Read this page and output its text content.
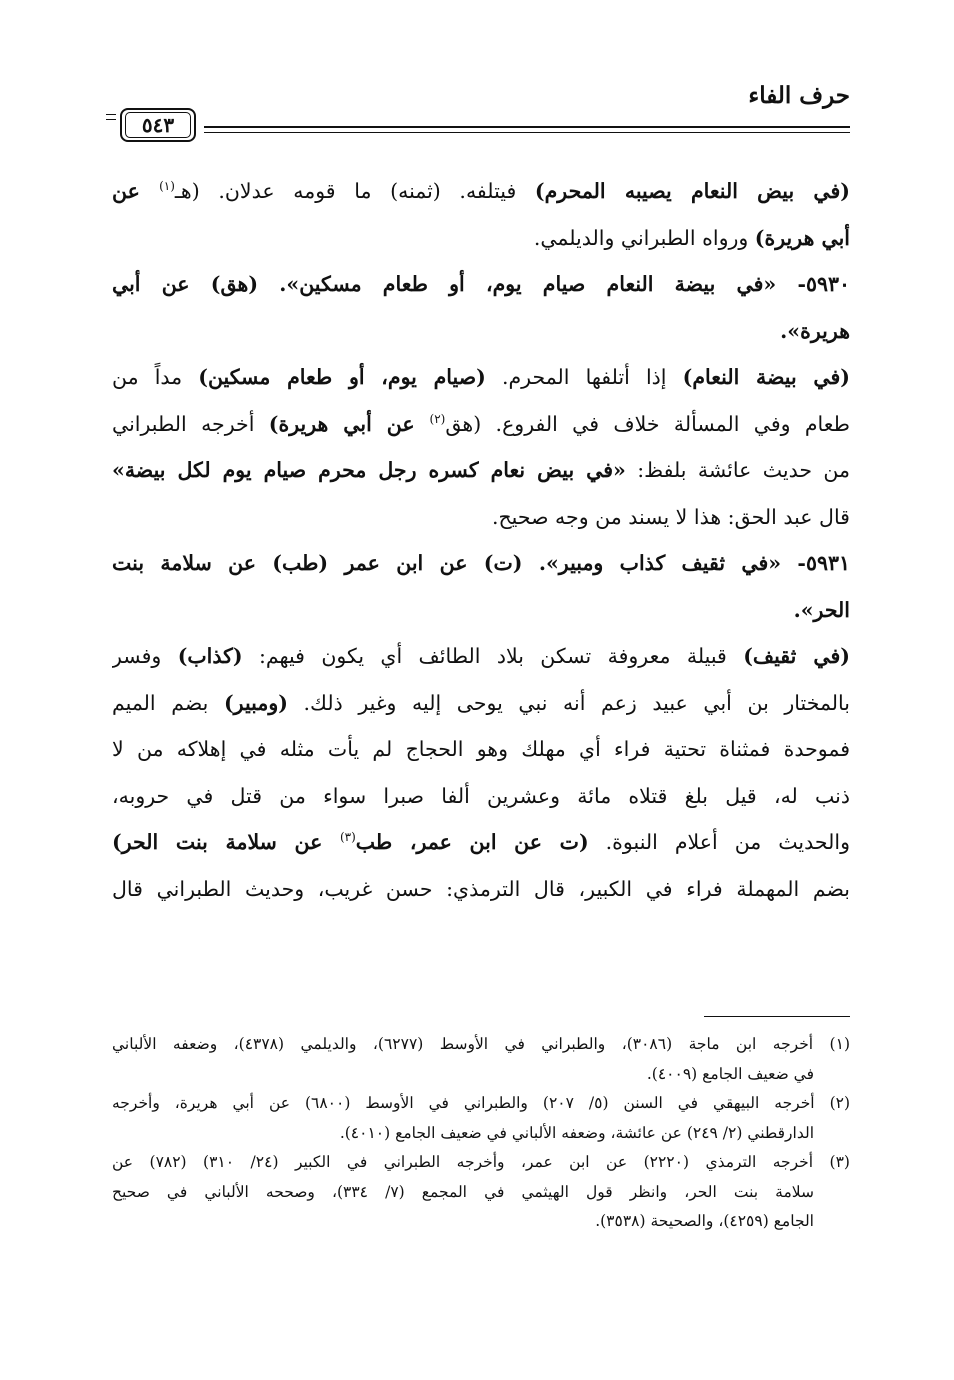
حرف الفاء
٥٤٣
(في بيض النعام يصيبه المحرم) فيتلفه. (ثمنه) ما قومه عدلان. (هـ$^{(١)}$ عن
أبي هريرة) ورواه الطبراني والديلمي.
٥٩٣٠- «في بيضة النعام صيام يوم، أو طعام مسكين». (هق) عن أبي
هريرة».
(في بيضة النعام) إذا أتلفها المحرم. (صيام يوم، أو طعام مسكين) مداً من
طعام وفي المسألة خلاف في الفروع. (هق$^{(٢)}$ عن أبي هريرة) أخرجه الطبراني
من حديث عائشة بلفظ: «في بيض نعام كسره رجل محرم صيام يوم لكل بيضة»
قال عبد الحق: هذا لا يسند من وجه صحيح.
٥٩٣١- «في ثقيف كذاب ومبير». (ت) عن ابن عمر (طب) عن سلامة بنت
الحر».
(في ثقيف) قبيلة معروفة تسكن بلاد الطائف أي يكون فيهم: (كذاب) وفسر
بالمختار بن أبي عبيد زعم أنه نبي يوحى إليه وغير ذلك. (ومبير) بضم الميم
فموحدة فمثناة تحتية فراء أي مهلك وهو الحجاج لم يأت مثله في إهلاكه من لا
ذنب له، قيل بلغ قتلاه مائة وعشرين ألفا صبرا سواء من قتل في حروبه،
والحديث من أعلام النبوة. (ت عن ابن عمر، طب$^{(٣)}$ عن سلامة بنت الحر)
بضم المهملة فراء في الكبير، قال الترمذي: حسن غريب، وحديث الطبراني قال
(١) أخرجه ابن ماجة (٣٠٨٦)، والطبراني في الأوسط (٦٢٧٧)، والديلمي (٤٣٧٨)، وضعفه الألباني
في ضعيف الجامع (٤٠٠٩).
(٢) أخرجه البيهقي في السنن (٥/ ٢٠٧) والطبراني في الأوسط (٦٨٠٠) عن أبي هريرة، وأخرجه
الدارقطني (٢/ ٢٤٩) عن عائشة، وضعفه الألباني في ضعيف الجامع (٤٠١٠).
(٣) أخرجه الترمذي (٢٢٢٠) عن ابن عمر، وأخرجه الطبراني في الكبير (٢٤/ ٣١٠) (٧٨٢) عن
سلامة بنت الحر، وانظر قول الهيثمي في المجمع (٧/ ٣٣٤)، وصححه الألباني في صحيح
الجامع (٤٢٥٩)، والصحيحة (٣٥٣٨).
